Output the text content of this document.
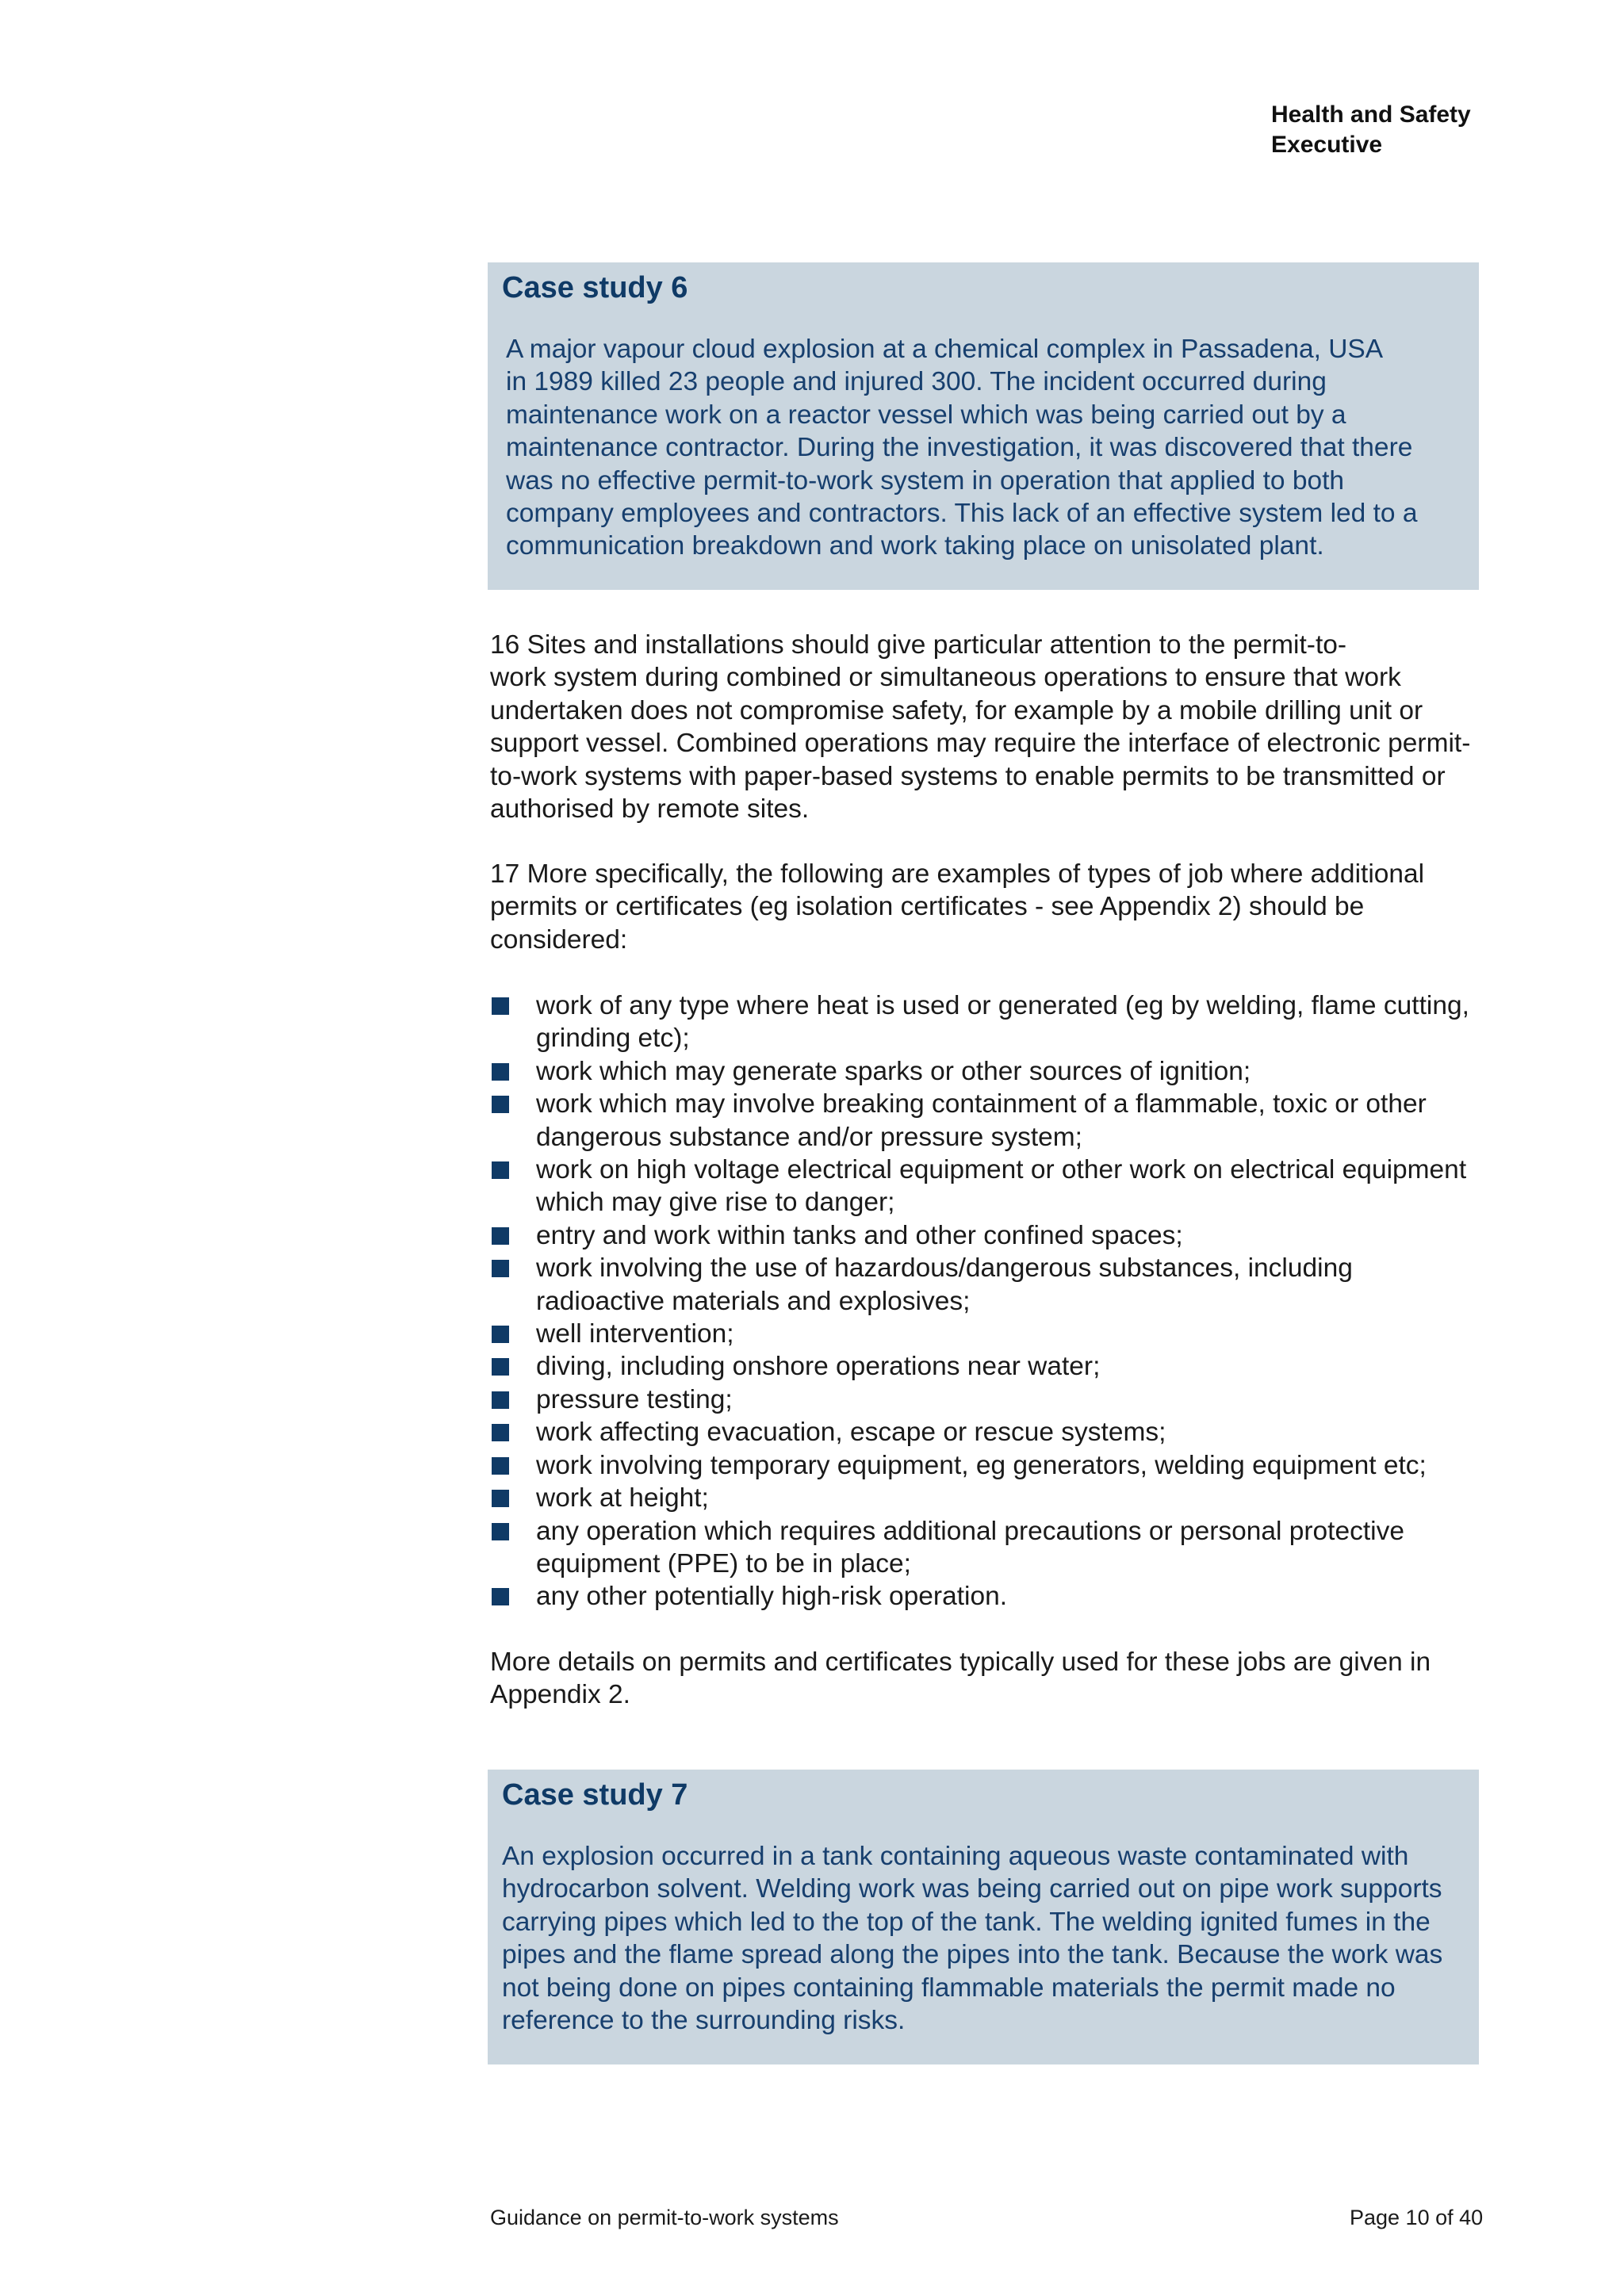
Health and Safety
Executive
Case study 6
A major vapour cloud explosion at a chemical complex in Passadena, USA
in 1989 killed 23 people and injured 300. The incident occurred during
maintenance work on a reactor vessel which was being carried out by a
maintenance contractor. During the investigation, it was discovered that there
was no effective permit-to-work system in operation that applied to both
company employees and contractors. This lack of an effective system led to a
communication breakdown and work taking place on unisolated plant.
16 Sites and installations should give particular attention to the permit-to-
work system during combined or simultaneous operations to ensure that work
undertaken does not compromise safety, for example by a mobile drilling unit or
support vessel. Combined operations may require the interface of electronic permit-
to-work systems with paper-based systems to enable permits to be transmitted or
authorised by remote sites.
17 More specifically, the following are examples of types of job where additional
permits or certificates (eg isolation certificates - see Appendix 2) should be
considered:
work of any type where heat is used or generated (eg by welding, flame cutting,
grinding etc);
work which may generate sparks or other sources of ignition;
work which may involve breaking containment of a flammable, toxic or other
dangerous substance and/or pressure system;
work on high voltage electrical equipment or other work on electrical equipment
which may give rise to danger;
entry and work within tanks and other confined spaces;
work involving the use of hazardous/dangerous substances, including
radioactive materials and explosives;
well intervention;
diving, including onshore operations near water;
pressure testing;
work affecting evacuation, escape or rescue systems;
work involving temporary equipment, eg generators, welding equipment etc;
work at height;
any operation which requires additional precautions or personal protective
equipment (PPE) to be in place;
any other potentially high-risk operation.
More details on permits and certificates typically used for these jobs are given in
Appendix 2.
Case study 7
An explosion occurred in a tank containing aqueous waste contaminated with
hydrocarbon solvent. Welding work was being carried out on pipe work supports
carrying pipes which led to the top of the tank. The welding ignited fumes in the
pipes and the flame spread along the pipes into the tank. Because the work was
not being done on pipes containing flammable materials the permit made no
reference to the surrounding risks.
Guidance on permit-to-work systems	Page 10 of 40
